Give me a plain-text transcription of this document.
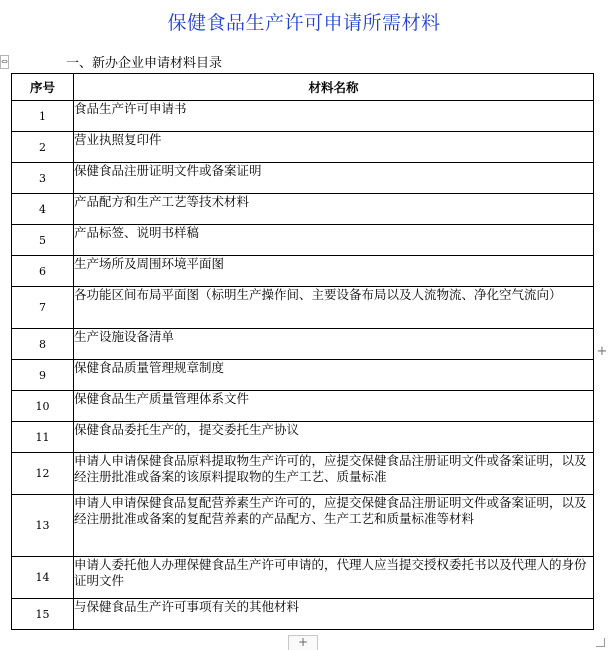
保健食品生产许可申请所需材料
⇔	一、新办企业申请材料目录
序号	材料名称
1	食品生产许可申请书
2	营业执照复印件
3	保健食品注册证明文件或备案证明
4	产品配方和生产工艺等技术材料
5	产品标签、说明书样稿
6	生产场所及周围环境平面图
7	各功能区间布局平面图（标明生产操作间、主要设备布局以及人流物流、净化空气流向）
8	生产设施设备清单
9	保健食品质量管理规章制度
10	保健食品生产质量管理体系文件
11	保健食品委托生产的，提交委托生产协议
12	申请人申请保健食品原料提取物生产许可的，应提交保健食品注册证明文件或备案证明，以及经注册批准或备案的该原料提取物的生产工艺、质量标准
13	申请人申请保健食品复配营养素生产许可的，应提交保健食品注册证明文件或备案证明，以及经注册批准或备案的复配营养素的产品配方、生产工艺和质量标准等材料
14	申请人委托他人办理保健食品生产许可申请的，代理人应当提交授权委托书以及代理人的身份证明文件
15	与保健食品生产许可事项有关的其他材料
+
+
